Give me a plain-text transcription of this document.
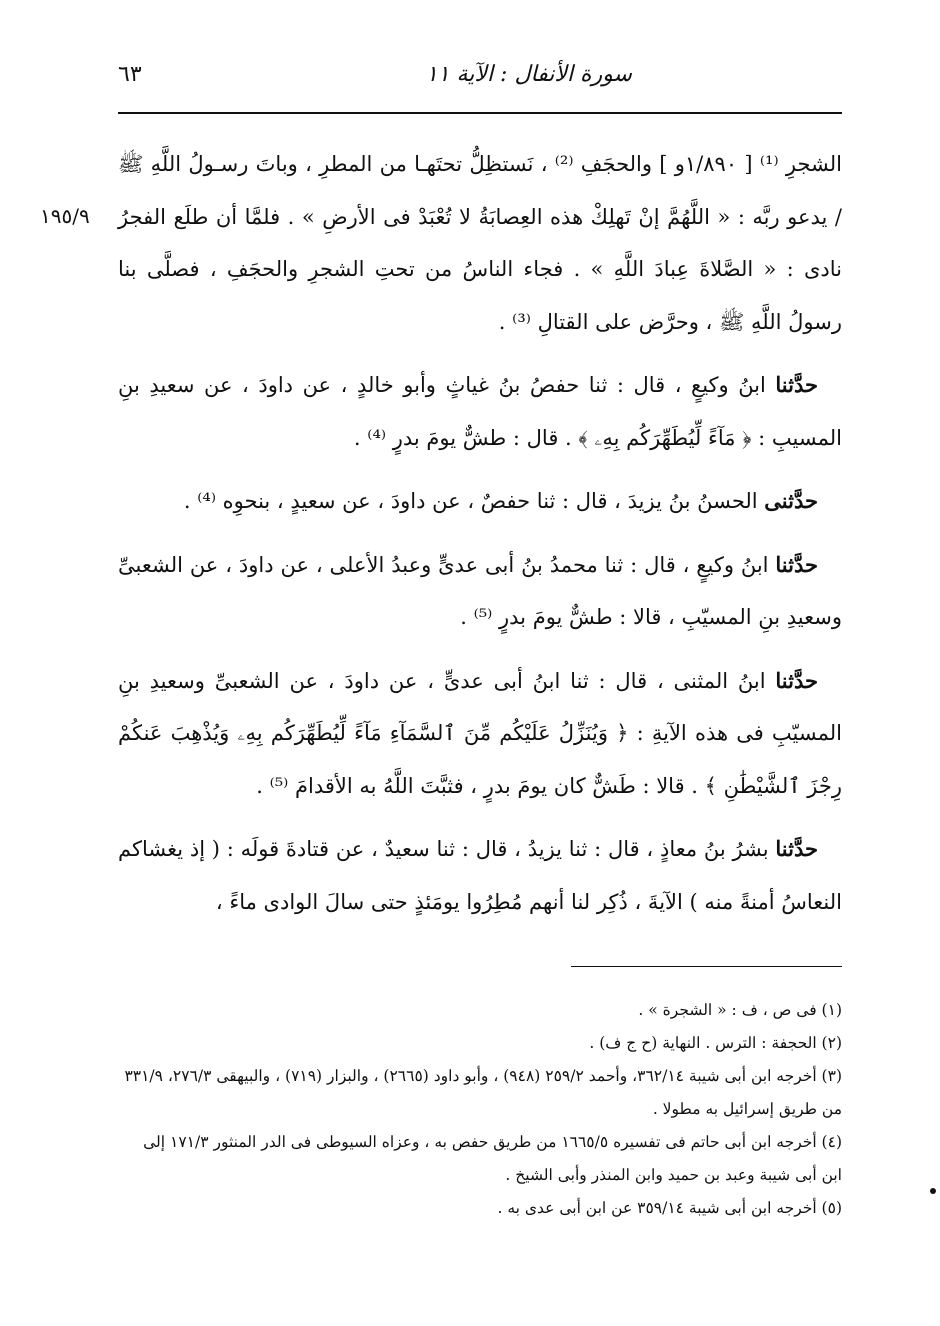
سورة الأنفال : الآية ١١
٦٣
١٩٥/٩

الشجرِ ⁽¹⁾ [ ١/٨٩٠و ] والحجَفِ ⁽²⁾ ، نَستظِلُّ تحتَهـا من المطرِ ، وباتَ رسـولُ اللَّهِ ﷺ / يدعو ربَّه : « اللَّهُمَّ إنْ تَهلِكْ هذه العِصابَةُ لا تُعْبَدْ فى الأرضِ » . فلمَّا أن طلَع الفجرُ نادى : « الصَّلاةَ عِبادَ اللَّهِ » . فجاء الناسُ من تحتِ الشجرِ والحجَفِ ، فصلَّى بنا رسولُ اللَّهِ ﷺ ، وحرَّض على القتالِ ⁽³⁾ .

حدَّثنا ابنُ وكيعٍ ، قال : ثنا حفصُ بنُ غياثٍ وأبو خالدٍ ، عن داودَ ، عن سعيدِ بنِ المسيبِ : ﴿ مَآءً لِّيُطَهِّرَكُم بِهِۦ ﴾ . قال : طشٌّ يومَ بدرٍ ⁽⁴⁾ .

حدَّثنى الحسنُ بنُ يزيدَ ، قال : ثنا حفصٌ ، عن داودَ ، عن سعيدٍ ، بنحوِه ⁽⁴⁾ .

حدَّثنا ابنُ وكيعٍ ، قال : ثنا محمدُ بنُ أبى عدىٍّ وعبدُ الأعلى ، عن داودَ ، عن الشعبىِّ وسعيدِ بنِ المسيّبِ ، قالا : طشٌّ يومَ بدرٍ ⁽⁵⁾ .

حدَّثنا ابنُ المثنى ، قال : ثنا ابنُ أبى عدىٍّ ، عن داودَ ، عن الشعبىِّ وسعيدِ بنِ المسيّبِ فى هذه الآيةِ : ﴿ وَيُنَزِّلُ عَلَيْكُم مِّنَ ٱلسَّمَآءِ مَآءً لِّيُطَهِّرَكُم بِهِۦ وَيُذْهِبَ عَنكُمْ رِجْزَ ٱلشَّيْطَٰنِ ﴾ . قالا : طَشٌّ كان يومَ بدرٍ ، فثبَّتَ اللَّهُ به الأقدامَ ⁽⁵⁾ .

حدَّثنا بشرُ بنُ معاذٍ ، قال : ثنا يزيدُ ، قال : ثنا سعيدٌ ، عن قتادةَ قولَه : ( إذ يغشاكم النعاسُ أمنةً منه ) الآيةَ ، ذُكِر لنا أنهم مُطِرُوا يومَئذٍ حتى سالَ الوادى ماءً ،

(١) فى ص ، ف : « الشجرة » .

(٢) الحجفة : الترس . النهاية (ح ج ف) .

(٣) أخرجه ابن أبى شيبة ٣٦٢/١٤، وأحمد ٢٥٩/٢ (٩٤٨) ، وأبو داود (٢٦٦٥) ، والبزار (٧١٩) ، والبيهقى ٢٧٦/٣، ٣٣١/٩ من طريق إسرائيل به مطولا .

(٤) أخرجه ابن أبى حاتم فى تفسيره ١٦٦٥/٥ من طريق حفص به ، وعزاه السيوطى فى الدر المنثور ١٧١/٣ إلى ابن أبى شيبة وعبد بن حميد وابن المنذر وأبى الشيخ .

(٥) أخرجه ابن أبى شيبة ٣٥٩/١٤ عن ابن أبى عدى به .
